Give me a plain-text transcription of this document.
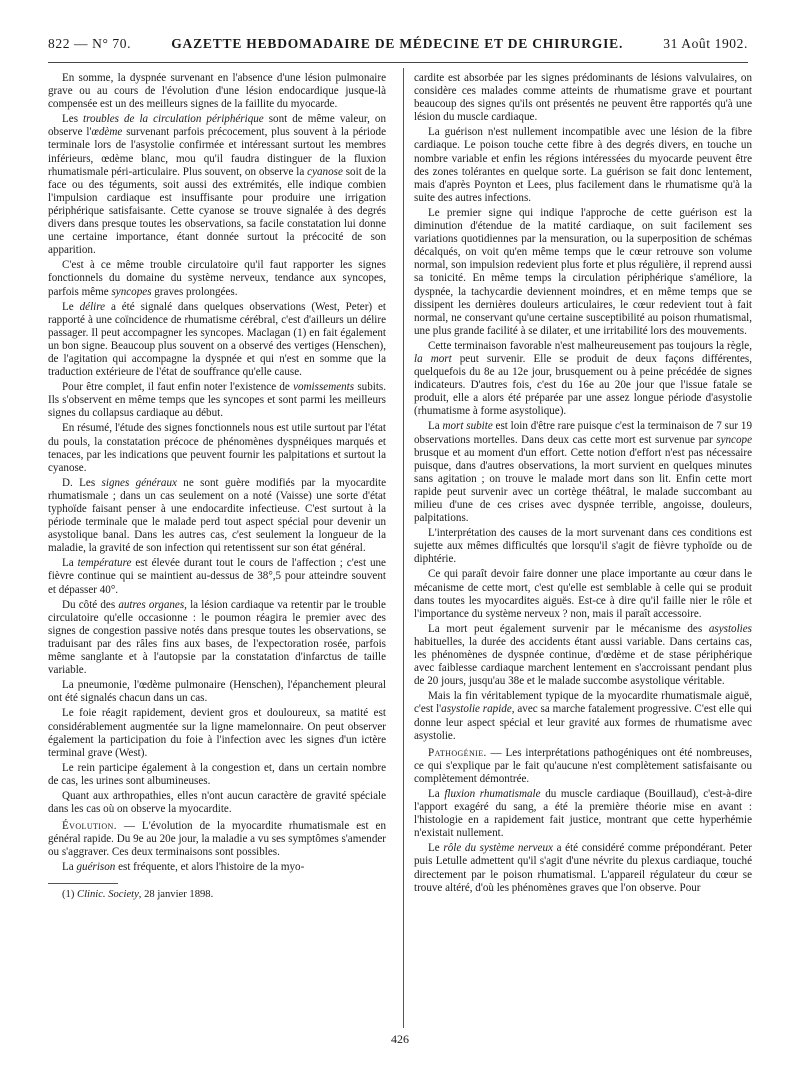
822 — N° 70.	GAZETTE HEBDOMADAIRE DE MÉDECINE ET DE CHIRURGIE.	31 Août 1902.

En somme, la dyspnée survenant en l'absence d'une lésion pulmonaire grave ou au cours de l'évolution d'une lésion endocardique jusque-là compensée est un des meilleurs signes de la faillite du myocarde.

Les troubles de la circulation périphérique sont de même valeur, on observe l'œdème survenant parfois précocement, plus souvent à la période terminale lors de l'asystolie confirmée et intéressant surtout les membres inférieurs, œdème blanc, mou qu'il faudra distinguer de la fluxion rhumatismale péri-articulaire. Plus souvent, on observe la cyanose soit de la face ou des téguments, soit aussi des extrémités, elle indique combien l'impulsion cardiaque est insuffisante pour produire une irrigation périphérique satisfaisante. Cette cyanose se trouve signalée à des degrés divers dans presque toutes les observations, sa facile constatation lui donne une certaine importance, étant donnée surtout la précocité de son apparition.

C'est à ce même trouble circulatoire qu'il faut rapporter les signes fonctionnels du domaine du système nerveux, tendance aux syncopes, parfois même syncopes graves prolongées.

Le délire a été signalé dans quelques observations (West, Peter) et rapporté à une coïncidence de rhumatisme cérébral, c'est d'ailleurs un délire passager. Il peut accompagner les syncopes. Maclagan (1) en fait également un bon signe. Beaucoup plus souvent on a observé des vertiges (Henschen), de l'agitation qui accompagne la dyspnée et qui n'est en somme que la traduction extérieure de l'état de souffrance qu'elle cause.

Pour être complet, il faut enfin noter l'existence de vomissements subits. Ils s'observent en même temps que les syncopes et sont parmi les meilleurs signes du collapsus cardiaque au début.

En résumé, l'étude des signes fonctionnels nous est utile surtout par l'état du pouls, la constatation précoce de phénomènes dyspnéiques marqués et tenaces, par les indications que peuvent fournir les palpitations et surtout la cyanose.

D. Les signes généraux ne sont guère modifiés par la myocardite rhumatismale ; dans un cas seulement on a noté (Vaisse) une sorte d'état typhoïde faisant penser à une endocardite infectieuse. C'est surtout à la période terminale que le malade perd tout aspect spécial pour devenir un asystolique banal. Dans les autres cas, c'est seulement la longueur de la maladie, la gravité de son infection qui retentissent sur son état général.

La température est élevée durant tout le cours de l'affection ; c'est une fièvre continue qui se maintient au-dessus de 38°,5 pour atteindre souvent et dépasser 40°.

Du côté des autres organes, la lésion cardiaque va retentir par le trouble circulatoire qu'elle occasionne : le poumon réagira le premier avec des signes de congestion passive notés dans presque toutes les observations, se traduisant par des râles fins aux bases, de l'expectoration rosée, parfois même sanglante et à l'autopsie par la constatation d'infarctus de taille variable.

La pneumonie, l'œdème pulmonaire (Henschen), l'épanchement pleural ont été signalés chacun dans un cas.

Le foie réagit rapidement, devient gros et douloureux, sa matité est considérablement augmentée sur la ligne mamelonnaire. On peut observer également la participation du foie à l'infection avec les signes d'un ictère terminal grave (West).

Le rein participe également à la congestion et, dans un certain nombre de cas, les urines sont albumineuses.

Quant aux arthropathies, elles n'ont aucun caractère de gravité spéciale dans les cas où on observe la myocardite.

Évolution. — L'évolution de la myocardite rhumatismale est en général rapide. Du 9e au 20e jour, la maladie a vu ses symptômes s'amender ou s'aggraver. Ces deux terminaisons sont possibles.

La guérison est fréquente, et alors l'histoire de la myo-

(1) Clinic. Society, 28 janvier 1898.

cardite est absorbée par les signes prédominants de lésions valvulaires, on considère ces malades comme atteints de rhumatisme grave et pourtant beaucoup des signes qu'ils ont présentés ne peuvent être rapportés qu'à une lésion du muscle cardiaque.

La guérison n'est nullement incompatible avec une lésion de la fibre cardiaque. Le poison touche cette fibre à des degrés divers, en touche un nombre variable et enfin les régions intéressées du myocarde peuvent être des zones tolérantes en quelque sorte. La guérison se fait donc lentement, mais d'après Poynton et Lees, plus facilement dans le rhumatisme qu'à la suite des autres infections.

Le premier signe qui indique l'approche de cette guérison est la diminution d'étendue de la matité cardiaque, on suit facilement ses variations quotidiennes par la mensuration, ou la superposition de schémas décalqués, on voit qu'en même temps que le cœur retrouve son volume normal, son impulsion redevient plus forte et plus régulière, il reprend aussi sa tonicité. En même temps la circulation périphérique s'améliore, la dyspnée, la tachycardie deviennent moindres, et en même temps que se dissipent les dernières douleurs articulaires, le cœur redevient tout à fait normal, ne conservant qu'une certaine susceptibilité au poison rhumatismal, une plus grande facilité à se dilater, et une irritabilité lors des mouvements.

Cette terminaison favorable n'est malheureusement pas toujours la règle, la mort peut survenir. Elle se produit de deux façons différentes, quelquefois du 8e au 12e jour, brusquement ou à peine précédée de signes indicateurs. D'autres fois, c'est du 16e au 20e jour que l'issue fatale se produit, elle a alors été préparée par une assez longue période d'asystolie (rhumatisme à forme asystolique).

La mort subite est loin d'être rare puisque c'est la terminaison de 7 sur 19 observations mortelles. Dans deux cas cette mort est survenue par syncope brusque et au moment d'un effort. Cette notion d'effort n'est pas nécessaire puisque, dans d'autres observations, la mort survient en quelques minutes sans agitation ; on trouve le malade mort dans son lit. Enfin cette mort rapide peut survenir avec un cortège théâtral, le malade succombant au milieu d'une de ces crises avec dyspnée terrible, angoisse, douleurs, palpitations.

L'interprétation des causes de la mort survenant dans ces conditions est sujette aux mêmes difficultés que lorsqu'il s'agit de fièvre typhoïde ou de diphtérie.

Ce qui paraît devoir faire donner une place importante au cœur dans le mécanisme de cette mort, c'est qu'elle est semblable à celle qui se produit dans toutes les myocardites aiguës. Est-ce à dire qu'il faille nier le rôle et l'importance du système nerveux ? non, mais il paraît accessoire.

La mort peut également survenir par le mécanisme des asystolies habituelles, la durée des accidents étant aussi variable. Dans certains cas, les phénomènes de dyspnée continue, d'œdème et de stase périphérique avec faiblesse cardiaque marchent lentement en s'accroissant pendant plus de 20 jours, jusqu'au 38e et le malade succombe asystolique véritable.

Mais la fin véritablement typique de la myocardite rhumatismale aiguë, c'est l'asystolie rapide, avec sa marche fatalement progressive. C'est elle qui donne leur aspect spécial et leur gravité aux formes de rhumatisme avec asystolie.

Pathogénie. — Les interprétations pathogéniques ont été nombreuses, ce qui s'explique par le fait qu'aucune n'est complètement satisfaisante ou complètement démontrée.

La fluxion rhumatismale du muscle cardiaque (Bouillaud), c'est-à-dire l'apport exagéré du sang, a été la première théorie mise en avant : l'histologie en a rapidement fait justice, montrant que cette hyperhémie n'existait nullement.

Le rôle du système nerveux a été considéré comme prépondérant. Peter puis Letulle admettent qu'il s'agit d'une névrite du plexus cardiaque, touché directement par le poison rhumatismal. L'appareil régulateur du cœur se trouve altéré, d'où les phénomènes graves que l'on observe. Pour

426
